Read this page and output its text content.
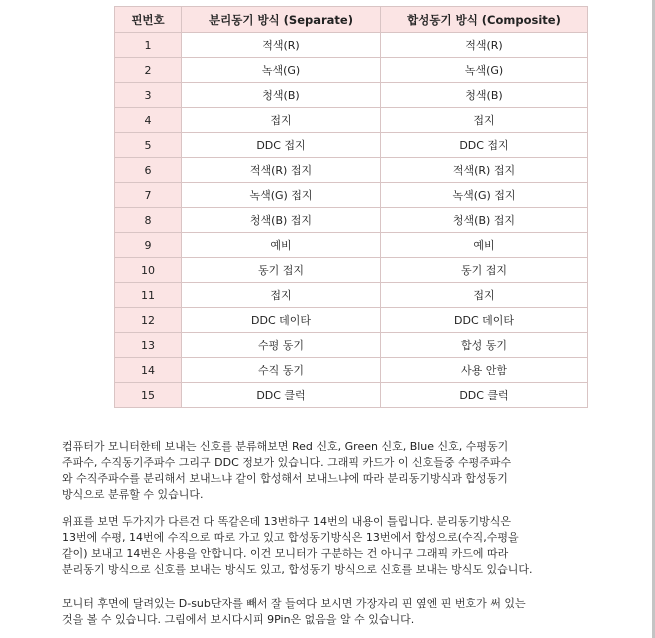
핀번호	분리동기 방식 (Separate)	합성동기 방식 (Composite)
1	적색(R)	적색(R)
2	녹색(G)	녹색(G)
3	청색(B)	청색(B)
4	접지	접지
5	DDC 접지	DDC 접지
6	적색(R) 접지	적색(R) 접지
7	녹색(G) 접지	녹색(G) 접지
8	청색(B) 접지	청색(B) 접지
9	예비	예비
10	동기 접지	동기 접지
11	접지	접지
12	DDC 데이타	DDC 데이타
13	수평 동기	합성 동기
14	수직 동기	사용 안함
15	DDC 클럭	DDC 클럭

컴퓨터가 모니터한테 보내는 신호를 분류해보면 Red 신호, Green 신호, Blue 신호, 수평동기

주파수, 수직동기주파수 그리구 DDC 정보가 있습니다. 그래픽 카드가 이 신호들중 수평주파수

와 수직주파수를 분리해서 보내느냐 같이 합성해서 보내느냐에 따라 분리동기방식과 합성동기

방식으로 분류할 수 있습니다.

위표를 보면 두가지가 다른건 다 똑같은데 13번하구 14번의 내용이 틀립니다. 분리동기방식은

13번에 수평, 14번에 수직으로 따로 가고 있고 합성동기방식은 13번에서 합성으로(수직,수평을

같이) 보내고 14번은 사용을 안합니다. 이건 모니터가 구분하는 건 아니구 그래픽 카드에 따라

분리동기 방식으로 신호를 보내는 방식도 있고, 합성동기 방식으로 신호를 보내는 방식도 있습니다.

모니터 후면에 달려있는 D-sub단자를 빼서 잘 들여다 보시면 가장자리 핀 옆엔 핀 번호가 써 있는

것을 볼 수 있습니다. 그림에서 보시다시피 9Pin은 없음을 알 수 있습니다.
